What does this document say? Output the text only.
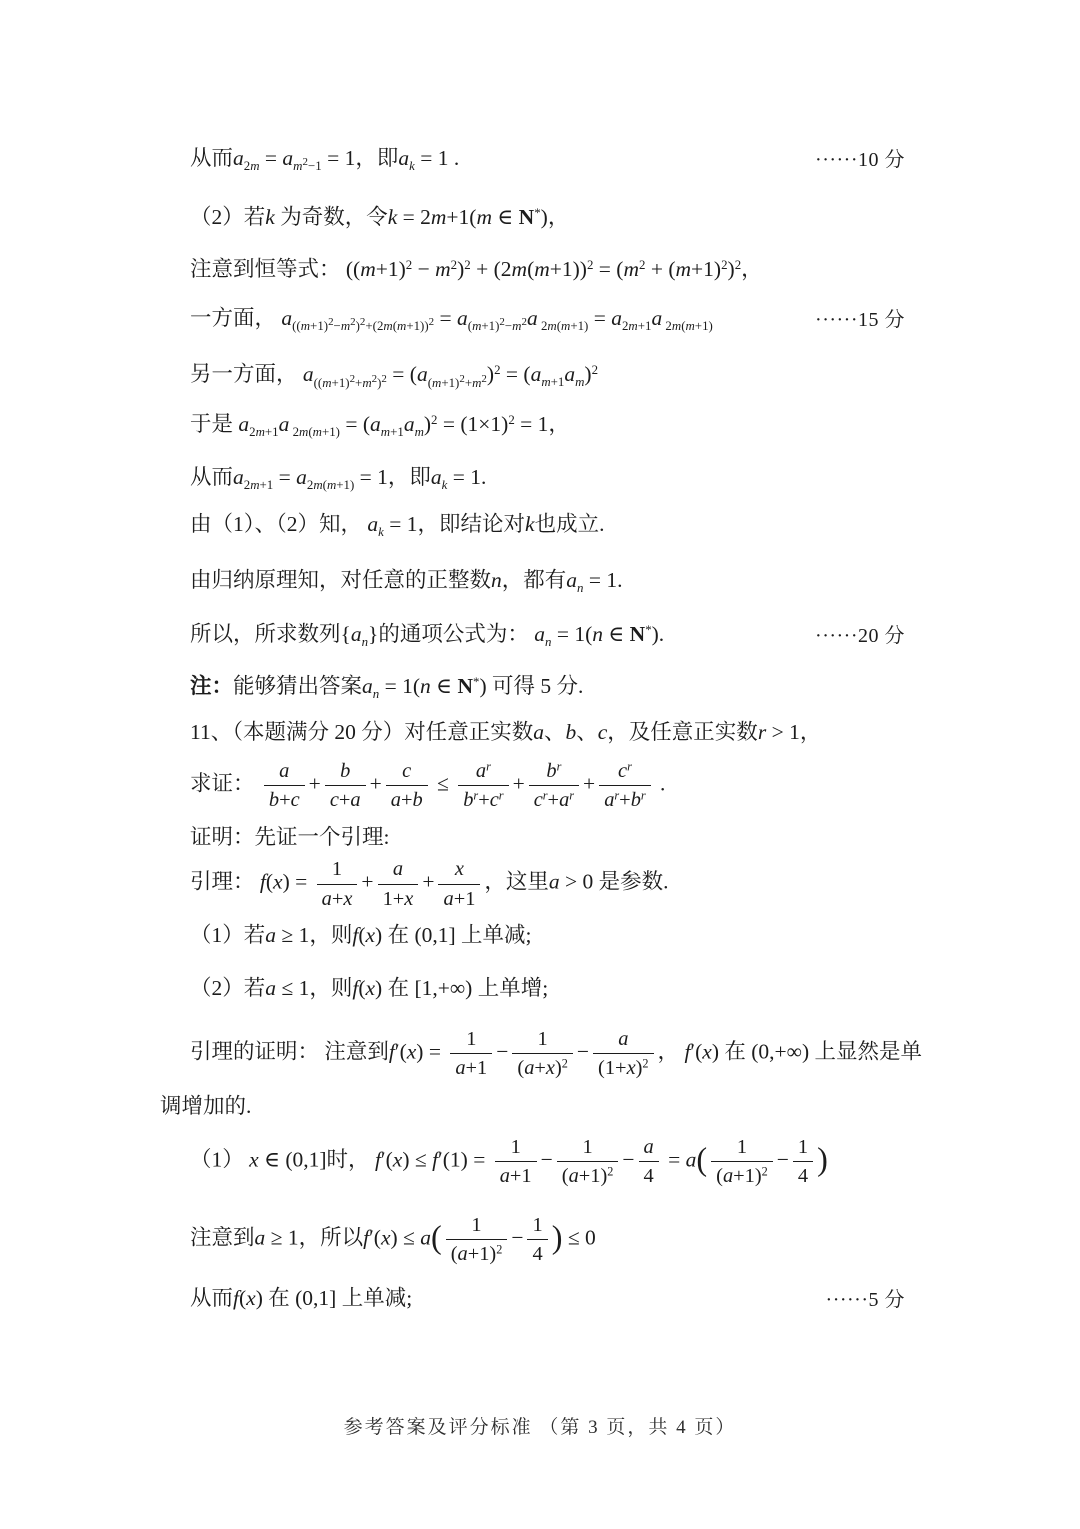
从而$a_{2m} = a_{m^2-1} = 1$，即$a_k = 1$ .	······10 分
（2）若k 为奇数，令k = 2m+1(m ∈ N*)，
注意到恒等式： $((m+1)^2 - m^2)^2 + (2m(m+1))^2 = (m^2 + (m+1)^2)^2$，
一方面， $a_{((m+1)^2-m^2)^2+(2m(m+1))^2} = a_{(m+1)^2-m^2}a$ $_{2m(m+1)} = a_{2m+1}a$ $_{2m(m+1)}$	······15 分
另一方面， $a_{((m+1)^2+m^2)^2} = (a_{(m+1)^2+m^2})^2 = (a_{m+1}a_m)^2$
于是 $a_{2m+1}a$ $_{2m(m+1)} = (a_{m+1}a_m)^2 = (1\times 1)^2 = 1$，
从而$a_{2m+1} = a_{2m(m+1)} = 1$，即$a_k = 1$.
由（1）、（2）知， $a_k = 1$，即结论对k也成立.
由归纳原理知，对任意的正整数n，都有$a_n = 1$.
所以，所求数列$\{a_n\}$的通项公式为： $a_n = 1(n$ ∈ N*).	······20 分
注：能够猜出答案$a_n = 1(n$ ∈ N*) 可得 5 分.
11、（本题满分 20 分）对任意正实数a、b、c，及任意正实数r > 1，
求证： $\frac{a}{b+c} + \frac{b}{c+a} + \frac{c}{a+b} \le \frac{a^r}{b^r+c^r} + \frac{b^r}{c^r+a^r} + \frac{c^r}{a^r+b^r}$ .
证明：先证一个引理:
引理： $f(x) = \frac{1}{a+x} + \frac{a}{1+x} + \frac{x}{a+1}$ ，这里a > 0 是参数.
（1）若a ≥ 1，则f(x) 在 (0,1] 上单减;
（2）若a ≤ 1，则f(x) 在 [1,+∞) 上单增;
引理的证明： 注意到$f'(x) = \frac{1}{a+1} - \frac{1}{(a+x)^2} - \frac{a}{(1+x)^2}$ ， f′(x) 在 (0,+∞) 上显然是单
调增加的.
（1） x ∈ (0,1]时， $f'(x) \le f'(1) = \frac{1}{a+1} - \frac{1}{(a+1)^2} - \frac{a}{4} = a( \frac{1}{(a+1)^2} - \frac{1}{4}$ )
注意到a ≥ 1，所以$f'(x) \le a( \frac{1}{(a+1)^2} - \frac{1}{4}$ ) ≤ 0
从而f(x) 在 (0,1] 上单减;	······5 分
参考答案及评分标准 （第 3 页，共 4 页）
